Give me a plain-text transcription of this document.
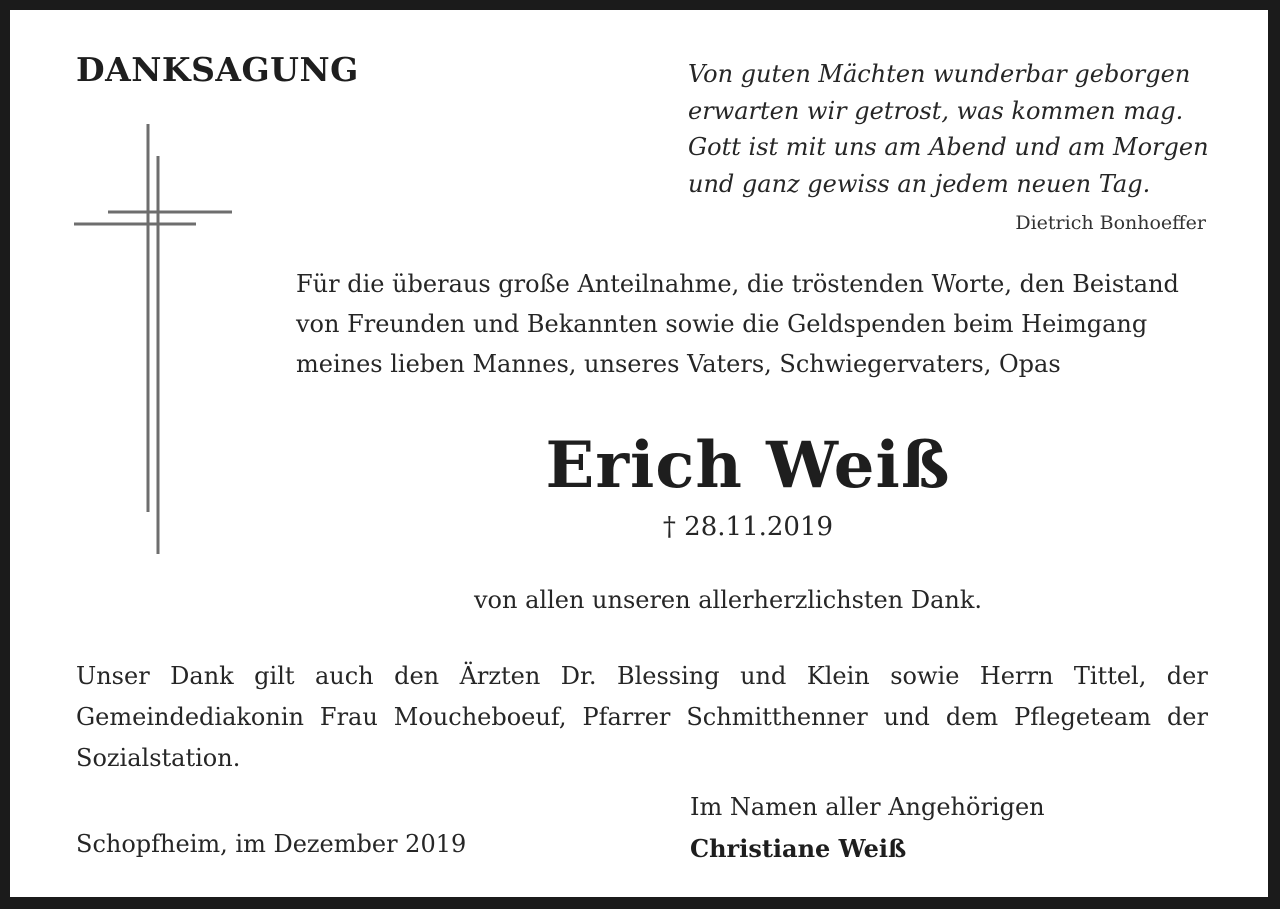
DANKSAGUNG	Von guten Mächten wunderbar geborgen
erwarten wir getrost, was kommen mag.
Gott ist mit uns am Abend und am Morgen
und ganz gewiss an jedem neuen Tag.
Dietrich Bonhoeffer
Für die überaus große Anteilnahme, die tröstenden Worte, den Beistand
von Freunden und Bekannten sowie die Geldspenden beim Heimgang
meines lieben Mannes, unseres Vaters, Schwiegervaters, Opas
Erich Weiß
† 28.11.2019
von allen unseren allerherzlichsten Dank.
Unser Dank gilt auch den Ärzten Dr. Blessing und Klein sowie Herrn Tittel, der
Gemeindediakonin Frau Moucheboeuf, Pfarrer Schmitthenner und dem Pflegeteam der
Sozialstation.
Schopfheim, im Dezember 2019
Im Namen aller Angehörigen
Christiane Weiß
